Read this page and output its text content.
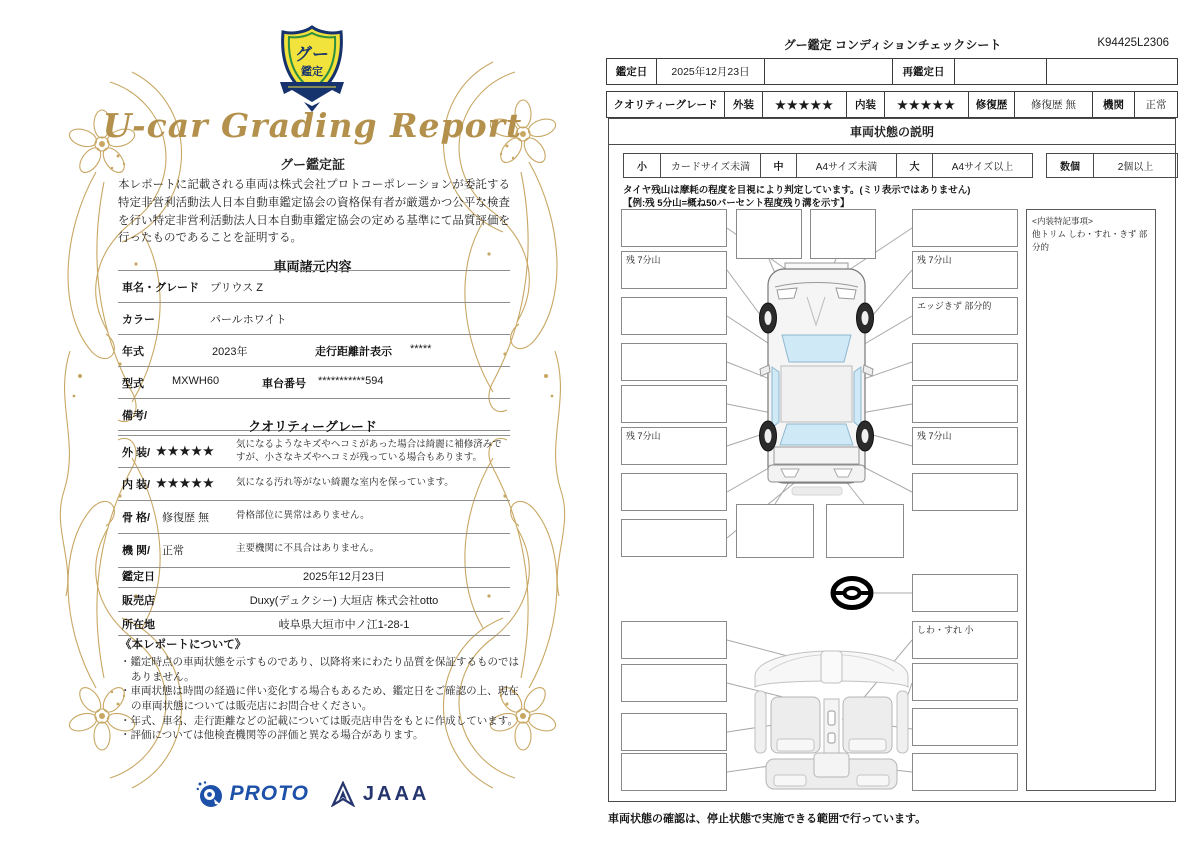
グー
鑑定
U-car Grading Report
グー鑑定証
本レポートに記載される車両は株式会社プロトコーポレーションが委託する特定非営利活動法人日本自動車鑑定協会の資格保有者が厳選かつ公平な検査を行い特定非営利活動法人日本自動車鑑定協会の定める基準にて品質評価を行ったものであることを証明する。
車両諸元内容
車名・グレード プリウス Z
カラー	パールホワイト
年式	2023年	走行距離計表示 *****
型式	MXWH60	車台番号 ***********594
備考/
クオリティーグレード
外 装/ ★★★★★ 気になるようなキズやヘコミがあった場合は綺麗に補修済みですが、小さなキズやヘコミが残っている場合もあります。
内 装/ ★★★★★ 気になる汚れ等がない綺麗な室内を保っています。
骨 格/ 修復歴 無	骨格部位に異常はありません。
機 関/ 正常	主要機関に不具合はありません。
鑑定日	2025年12月23日
販売店	Duxy(デュクシー) 大垣店 株式会社otto
所在地	岐阜県大垣市中ノ江1-28-1
《本レポートについて》
・鑑定時点の車両状態を示すものであり、以降将来にわたり品質を保証するものではありません。
・車両状態は時間の経過に伴い変化する場合もあるため、鑑定日をご確認の上、現在の車両状態については販売店にお問合せください。
・年式、車名、走行距離などの記載については販売店申告をもとに作成しています。
・評価については他検査機関等の評価と異なる場合があります。
PROTO	JAAA
グー鑑定 コンディションチェックシート	K94425L2306
鑑定日	2025年12月23日	再鑑定日
クオリティーグレード	外装	★★★★★	内装	★★★★★	修復歴	修復歴 無	機関	正常
車両状態の説明
小	カードサイズ未満	中	A4サイズ未満	大	A4サイズ以上	数個	2個以上
タイヤ残山は摩耗の程度を目視により判定しています。(ミリ表示ではありません)
【例:残 5分山=概ね50パーセント程度残り溝を示す】
<内装特記事項>
他トリム しわ・すれ・きず 部分的
残 7分山
残 7分山
残 7分山
エッジきず 部分的
残 7分山
しわ・すれ 小
車両状態の確認は、停止状態で実施できる範囲で行っています。
